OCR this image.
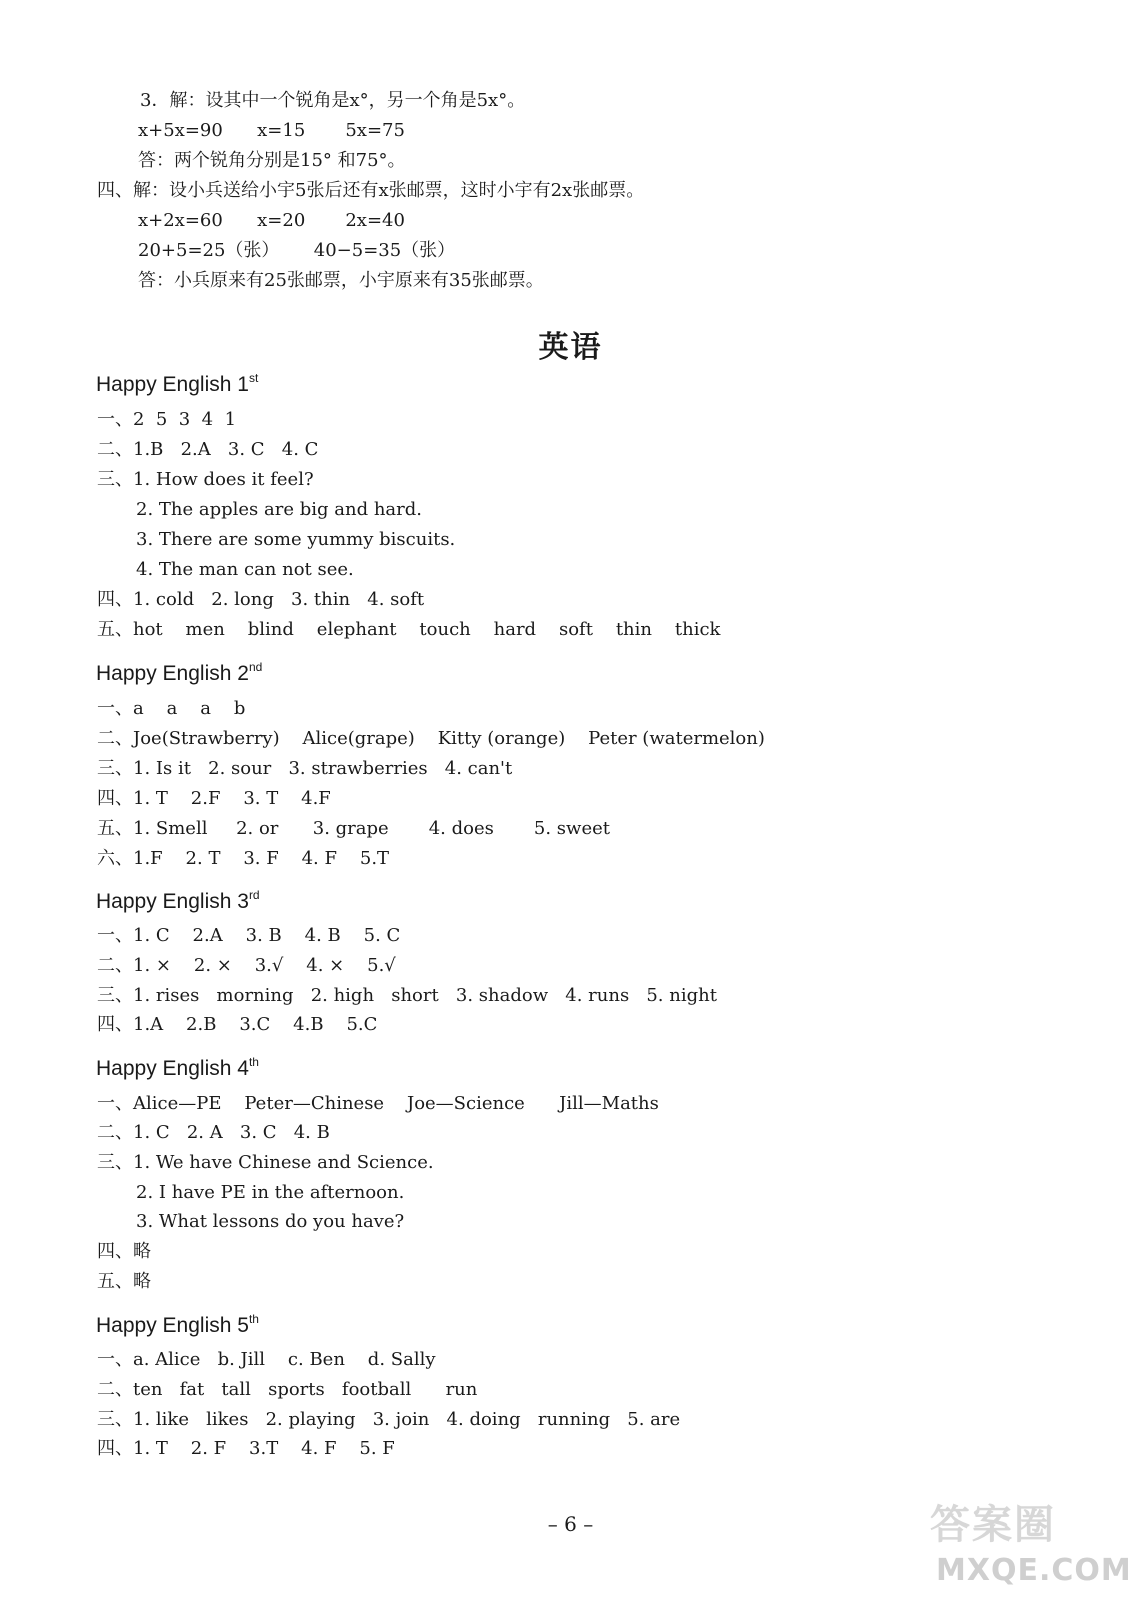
3．解：设其中一个锐角是x°，另一个角是5x°。
x+5x=90      x=15       5x=75
答：两个锐角分别是15° 和75°。
四、解：设小兵送给小宇5张后还有x张邮票，这时小宇有2x张邮票。
x+2x=60      x=20       2x=40
20+5=25（张）      40−5=35（张）
答：小兵原来有25张邮票，小宇原来有35张邮票。
英语
Happy English 1st
一、2  5  3  4  1
二、1.B   2.A   3. C   4. C
三、1. How does it feel?
2. The apples are big and hard.
3. There are some yummy biscuits.
4. The man can not see.
四、1. cold   2. long   3. thin   4. soft
五、hot    men    blind    elephant    touch    hard    soft    thin    thick
Happy English 2nd
一、a    a    a    b
二、Joe(Strawberry)    Alice(grape)    Kitty (orange)    Peter (watermelon)
三、1. Is it   2. sour   3. strawberries   4. can't
四、1. T    2.F    3. T    4.F
五、1. Smell     2. or      3. grape       4. does       5. sweet
六、1.F    2. T    3. F    4. F    5.T
Happy English 3rd
一、1. C    2.A    3. B    4. B    5. C
二、1. ×    2. ×    3.√    4. ×    5.√
三、1. rises   morning   2. high   short   3. shadow   4. runs   5. night
四、1.A    2.B    3.C    4.B    5.C
Happy English 4th
一、Alice—PE    Peter—Chinese    Joe—Science      Jill—Maths
二、1. C   2. A   3. C   4. B
三、1. We have Chinese and Science.
2. I have PE in the afternoon.
3. What lessons do you have?
四、略
五、略
Happy English 5th
一、a. Alice   b. Jill    c. Ben    d. Sally
二、ten   fat   tall   sports   football      run
三、1. like   likes   2. playing   3. join   4. doing   running   5. are
四、1. T    2. F    3.T    4. F    5. F
– 6 –	答案圈
MXQE.COM
